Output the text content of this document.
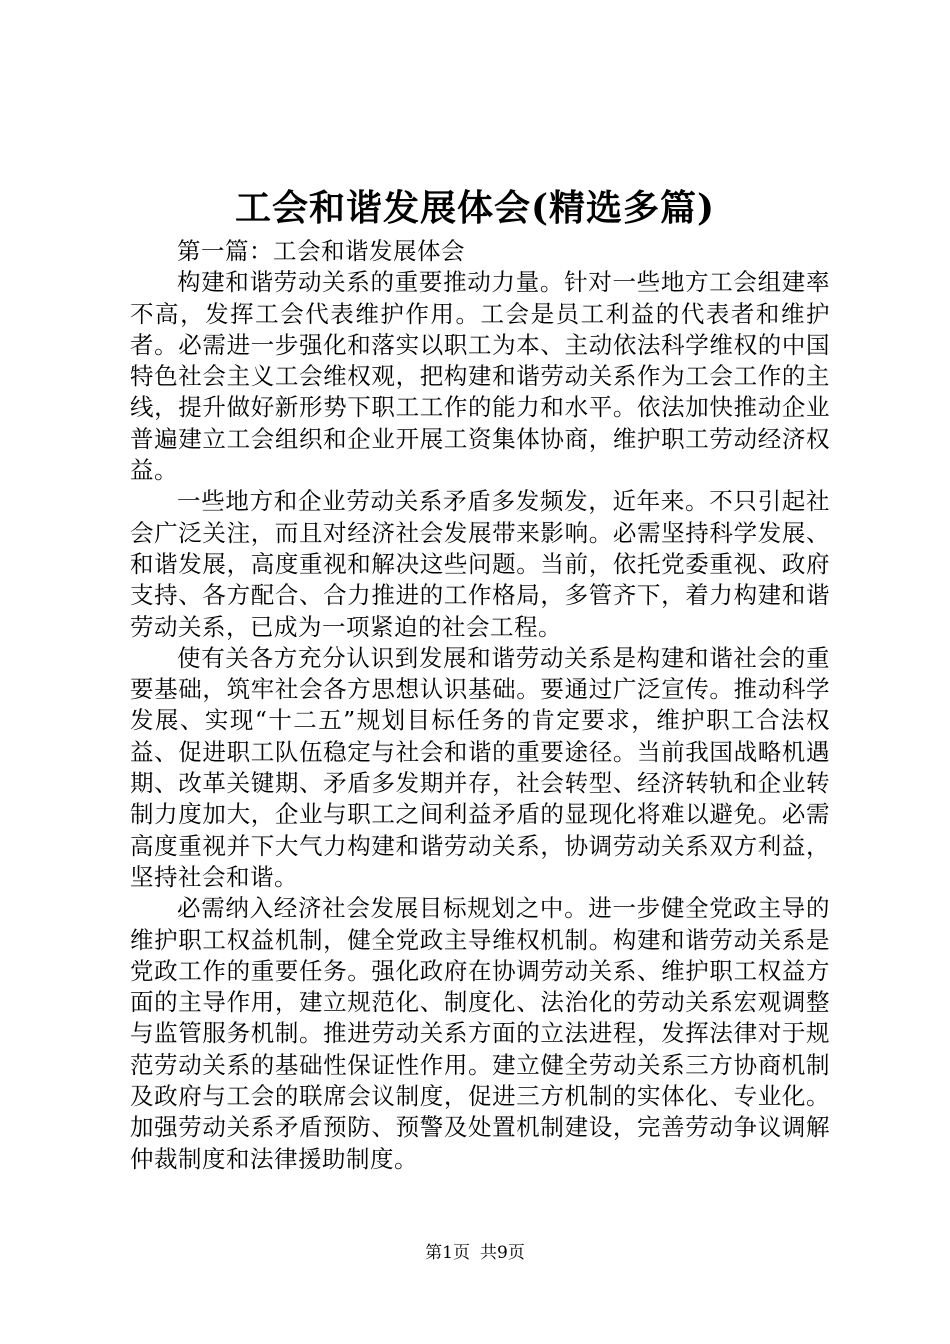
工会和谐发展体会(精选多篇)

第一篇：工会和谐发展体会

构建和谐劳动关系的重要推动力量。针对一些地方工会组建率不高，发挥工会代表维护作用。工会是员工利益的代表者和维护者。必需进一步强化和落实以职工为本、主动依法科学维权的中国特色社会主义工会维权观，把构建和谐劳动关系作为工会工作的主线，提升做好新形势下职工工作的能力和水平。依法加快推动企业普遍建立工会组织和企业开展工资集体协商，维护职工劳动经济权益。

一些地方和企业劳动关系矛盾多发频发，近年来。不只引起社会广泛关注，而且对经济社会发展带来影响。必需坚持科学发展、和谐发展，高度重视和解决这些问题。当前，依托党委重视、政府支持、各方配合、合力推进的工作格局，多管齐下，着力构建和谐劳动关系，已成为一项紧迫的社会工程。

使有关各方充分认识到发展和谐劳动关系是构建和谐社会的重要基础，筑牢社会各方思想认识基础。要通过广泛宣传。推动科学发展、实现“十二五”规划目标任务的肯定要求，维护职工合法权益、促进职工队伍稳定与社会和谐的重要途径。当前我国战略机遇期、改革关键期、矛盾多发期并存，社会转型、经济转轨和企业转制力度加大，企业与职工之间利益矛盾的显现化将难以避免。必需高度重视并下大气力构建和谐劳动关系，协调劳动关系双方利益，坚持社会和谐。

必需纳入经济社会发展目标规划之中。进一步健全党政主导的维护职工权益机制，健全党政主导维权机制。构建和谐劳动关系是党政工作的重要任务。强化政府在协调劳动关系、维护职工权益方面的主导作用，建立规范化、制度化、法治化的劳动关系宏观调整与监管服务机制。推进劳动关系方面的立法进程，发挥法律对于规范劳动关系的基础性保证性作用。建立健全劳动关系三方协商机制及政府与工会的联席会议制度，促进三方机制的实体化、专业化。加强劳动关系矛盾预防、预警及处置机制建设，完善劳动争议调解仲裁制度和法律援助制度。

第1页 共9页
